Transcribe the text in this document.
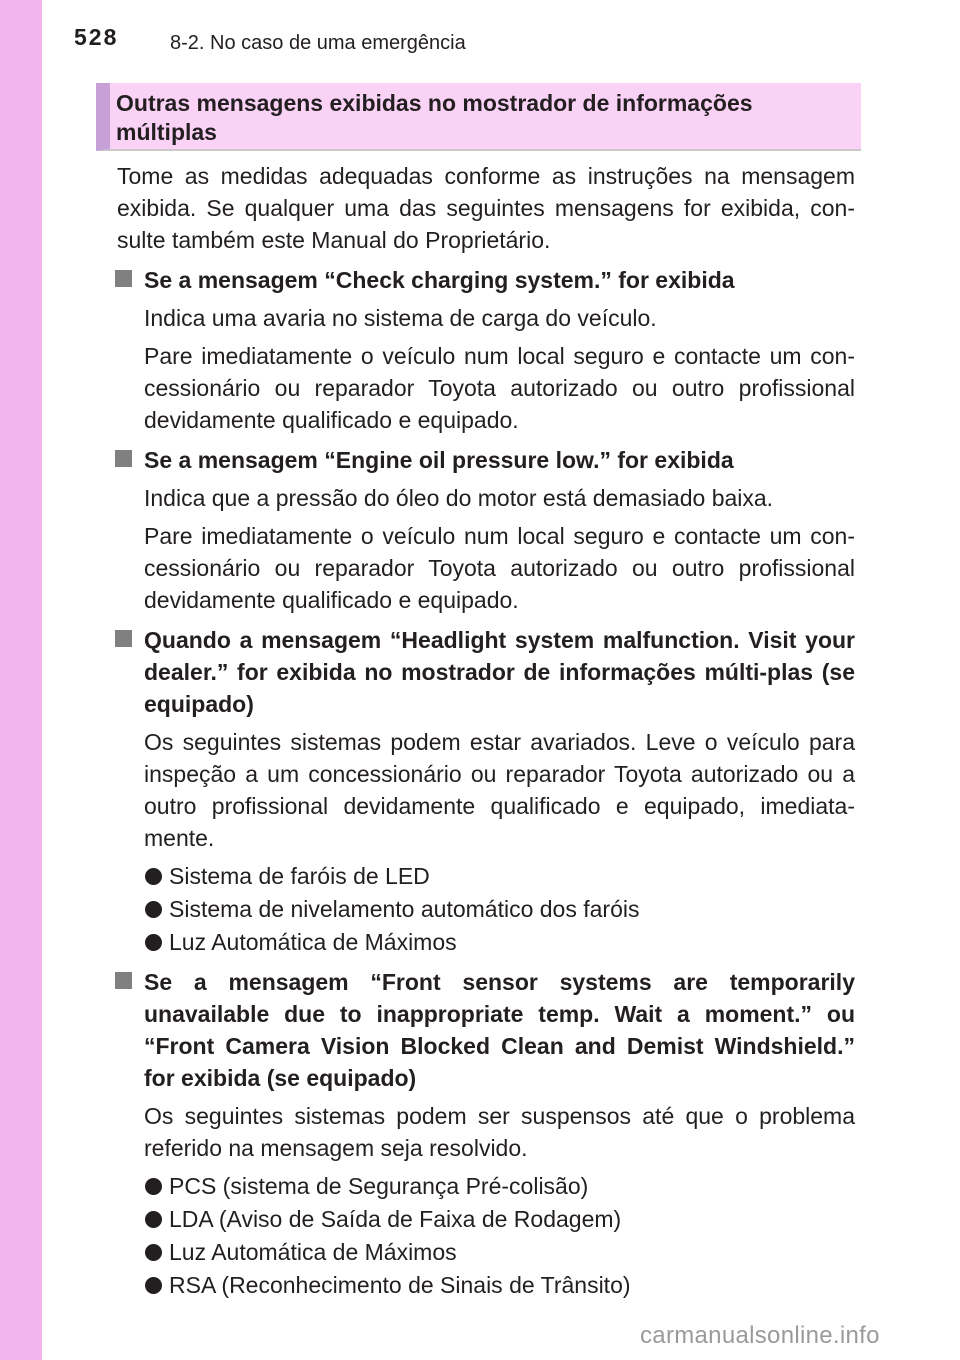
528	8-2. No caso de uma emergência
Outras mensagens exibidas no mostrador de informações múltiplas

Tome as medidas adequadas conforme as instruções na mensagem exibida. Se qualquer uma das seguintes mensagens for exibida, con-sulte também este Manual do Proprietário.

Se a mensagem “Check charging system.” for exibida

Indica uma avaria no sistema de carga do veículo.

Pare imediatamente o veículo num local seguro e contacte um con-cessionário ou reparador Toyota autorizado ou outro profissional devidamente qualificado e equipado.

Se a mensagem “Engine oil pressure low.” for exibida

Indica que a pressão do óleo do motor está demasiado baixa.

Pare imediatamente o veículo num local seguro e contacte um con-cessionário ou reparador Toyota autorizado ou outro profissional devidamente qualificado e equipado.

Quando a mensagem “Headlight system malfunction. Visit your dealer.” for exibida no mostrador de informações múlti-plas (se equipado)

Os seguintes sistemas podem estar avariados. Leve o veículo para inspeção a um concessionário ou reparador Toyota autorizado ou a outro profissional devidamente qualificado e equipado, imediata-mente.

Sistema de faróis de LED
Sistema de nivelamento automático dos faróis
Luz Automática de Máximos
Se a mensagem “Front sensor systems are temporarily unavailable due to inappropriate temp. Wait a moment.” ou “Front Camera Vision Blocked Clean and Demist Windshield.” for exibida (se equipado)

Os seguintes sistemas podem ser suspensos até que o problema referido na mensagem seja resolvido.

PCS (sistema de Segurança Pré-colisão)
LDA (Aviso de Saída de Faixa de Rodagem)
Luz Automática de Máximos
RSA (Reconhecimento de Sinais de Trânsito)
carmanualsonline.info
